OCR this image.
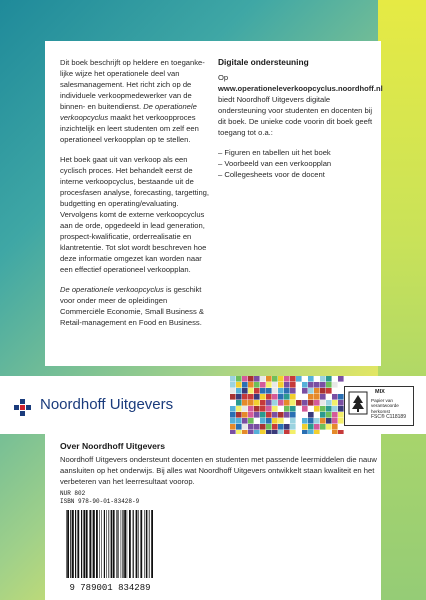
Dit boek beschrijft op heldere en toeganke-lijke wijze het operationele deel van salesmanagement. Het richt zich op de individuele verkoopmedewerker van de binnen- en buitendienst. De operationele verkoopcyclus maakt het verkoopproces inzichtelijk en leert studenten om zelf een operationeel verkoopplan op te stellen.

Het boek gaat uit van verkoop als een cyclisch proces. Het behandelt eerst de interne verkoopcyclus, bestaande uit de procesfasen analyse, forecasting, targetting, budgetting en operating/evaluating. Vervolgens komt de externe verkoopcyclus aan de orde, opgedeeld in lead generation, prospect-kwalificatie, orderrealisatie en klantretentie. Tot slot wordt beschreven hoe deze informatie omgezet kan worden naar een effectief operationeel verkoopplan.

De operationele verkoopcyclus is geschikt voor onder meer de opleidingen Commerciële Economie, Small Business & Retail-management en Food en Business.

Digitale ondersteuning

Op www.operationeleverkoopcyclus.noordhoff.nl biedt Noordhoff Uitgevers digitale ondersteuning voor studenten en docenten bij dit boek. De unieke code voorin dit boek geeft toegang tot o.a.:

– Figuren en tabellen uit het boek
– Voorbeeld van een verkoopplan
– Collegesheets voor de docent
Noordhoff Uitgevers
MIX
Papier van verantwoorde herkomst
FSC® C118189
Over Noordhoff Uitgevers
Noordhoff Uitgevers ondersteunt docenten en studenten met passende leermiddelen die nauw aansluiten op het onderwijs. Bij alles wat Noordhoff Uitgevers ontwikkelt staan kwaliteit en het verbeteren van het leerresultaat voorop.
NUR 802
ISBN 978-90-01-83428-9
9 789001 834289
